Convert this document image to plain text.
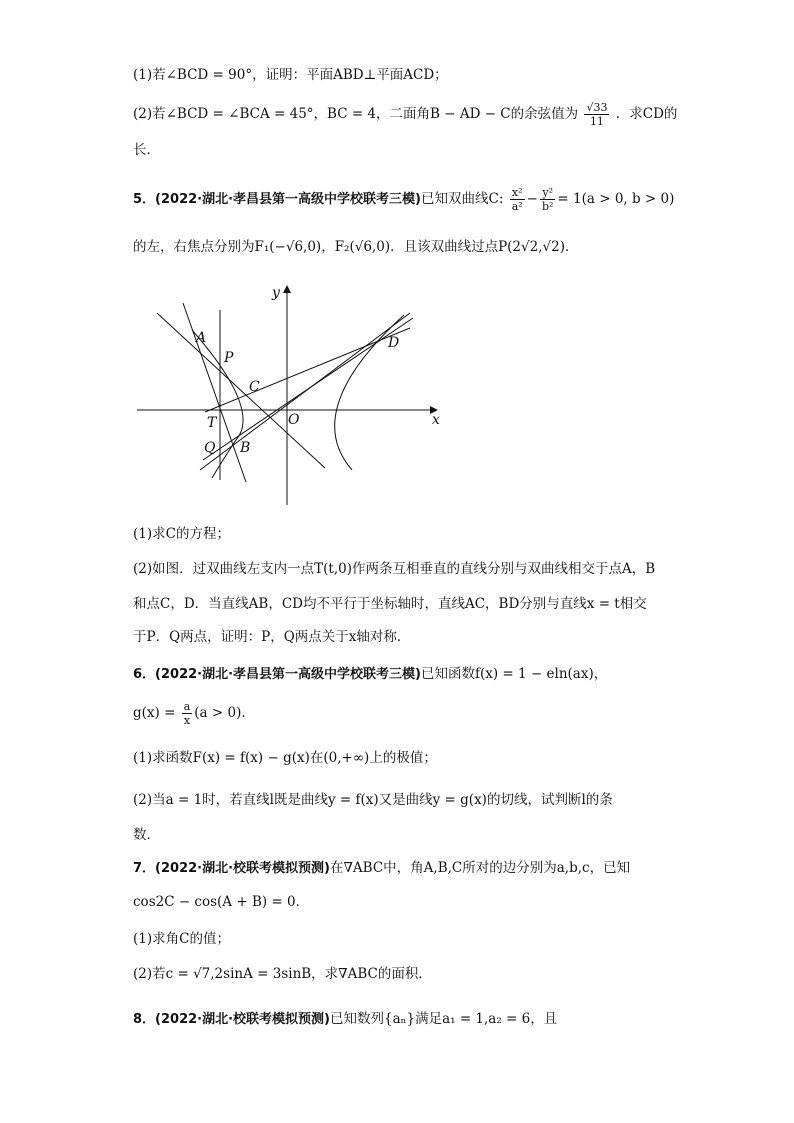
(1)若∠BCD = 90°，证明：平面ABD⊥平面ACD；
(2)若∠BCD = ∠BCA = 45°，BC = 4，二面角B − AD − C的余弦值为 $\frac{√33}{11}$ ．求CD的
长．
5．(2022·湖北·孝昌县第一高级中学校联考三模)已知双曲线C: $\frac{\text{x²}}{\text{a²}} - \frac{\text{y²}}{\text{b²}} = 1(a > 0$, b > 0)
的左，右焦点分别为F₁(−√6,0)，F₂(√6,0)．且该双曲线过点P(2√2,√2)．
y
x
A
P
C
T	O
Q B
D
(1)求C的方程；
(2)如图．过双曲线左支内一点T(t,0)作两条互相垂直的直线分别与双曲线相交于点A，B
和点C，D．当直线AB，CD均不平行于坐标轴时，直线AC，BD分别与直线x = t相交
于P．Q两点，证明：P，Q两点关于x轴对称．
6．(2022·湖北·孝昌县第一高级中学校联考三模)已知函数f(x) = 1 − eln(ax)，
$g(x) = \frac{a}{x} (a > 0)$．
(1)求函数F(x) = f(x) − g(x)在(0,+∞)上的极值；
(2)当a = 1时，若直线l既是曲线y = f(x)又是曲线y = g(x)的切线，试判断l的条
数．
7．(2022·湖北·校联考模拟预测)在∇ABC中，角A,B,C所对的边分别为a,b,c，已知
cos2C − cos(A + B) = 0．
(1)求角C的值；
(2)若c = √7,2sinA = 3sinB，求∇ABC的面积．
8．(2022·湖北·校联考模拟预测)已知数列{aₙ}满足a₁ = 1,a₂ = 6，且
